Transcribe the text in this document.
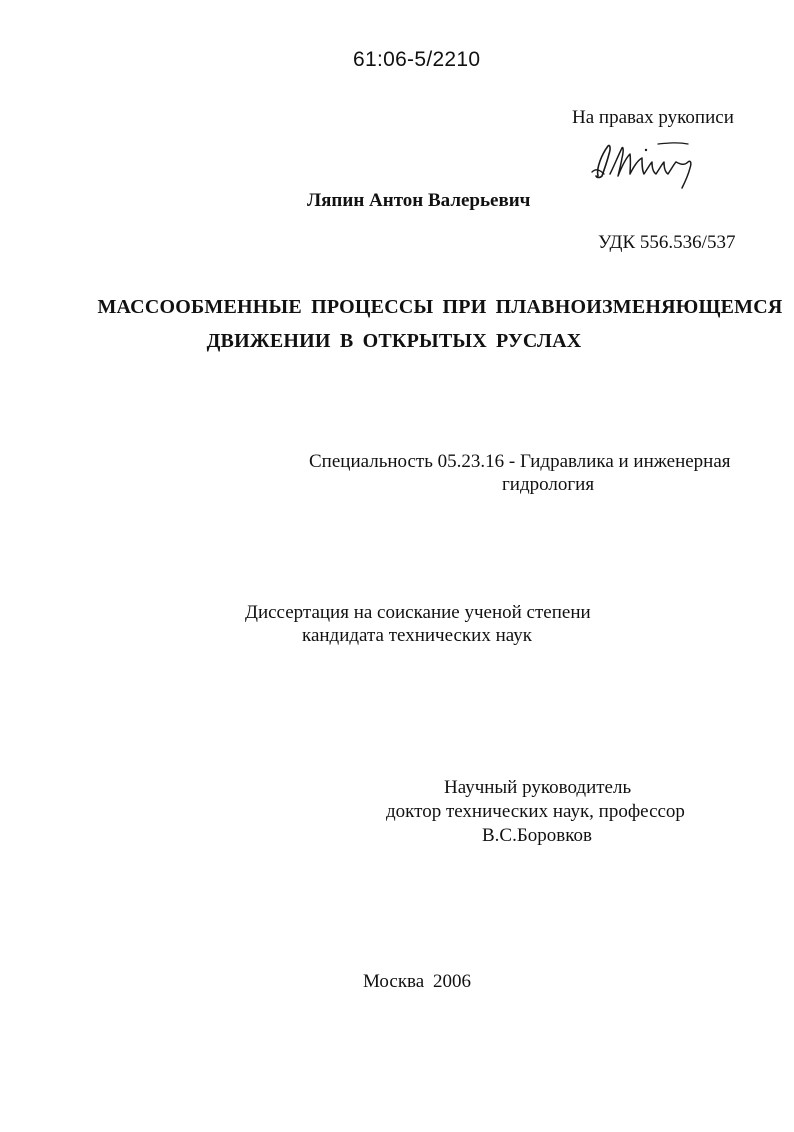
61:06-5/2210
На правах рукописи
Ляпин Антон Валерьевич
УДК 556.536/537
МАССООБМЕННЫЕ ПРОЦЕССЫ ПРИ ПЛАВНОИЗМЕНЯЮЩЕМСЯ
ДВИЖЕНИИ В ОТКРЫТЫХ РУСЛАХ
Специальность 05.23.16 - Гидравлика и инженерная
гидрология
Диссертация на соискание ученой степени
кандидата технических наук
Научный руководитель
доктор технических наук, профессор
В.С.Боровков
Москва 2006
